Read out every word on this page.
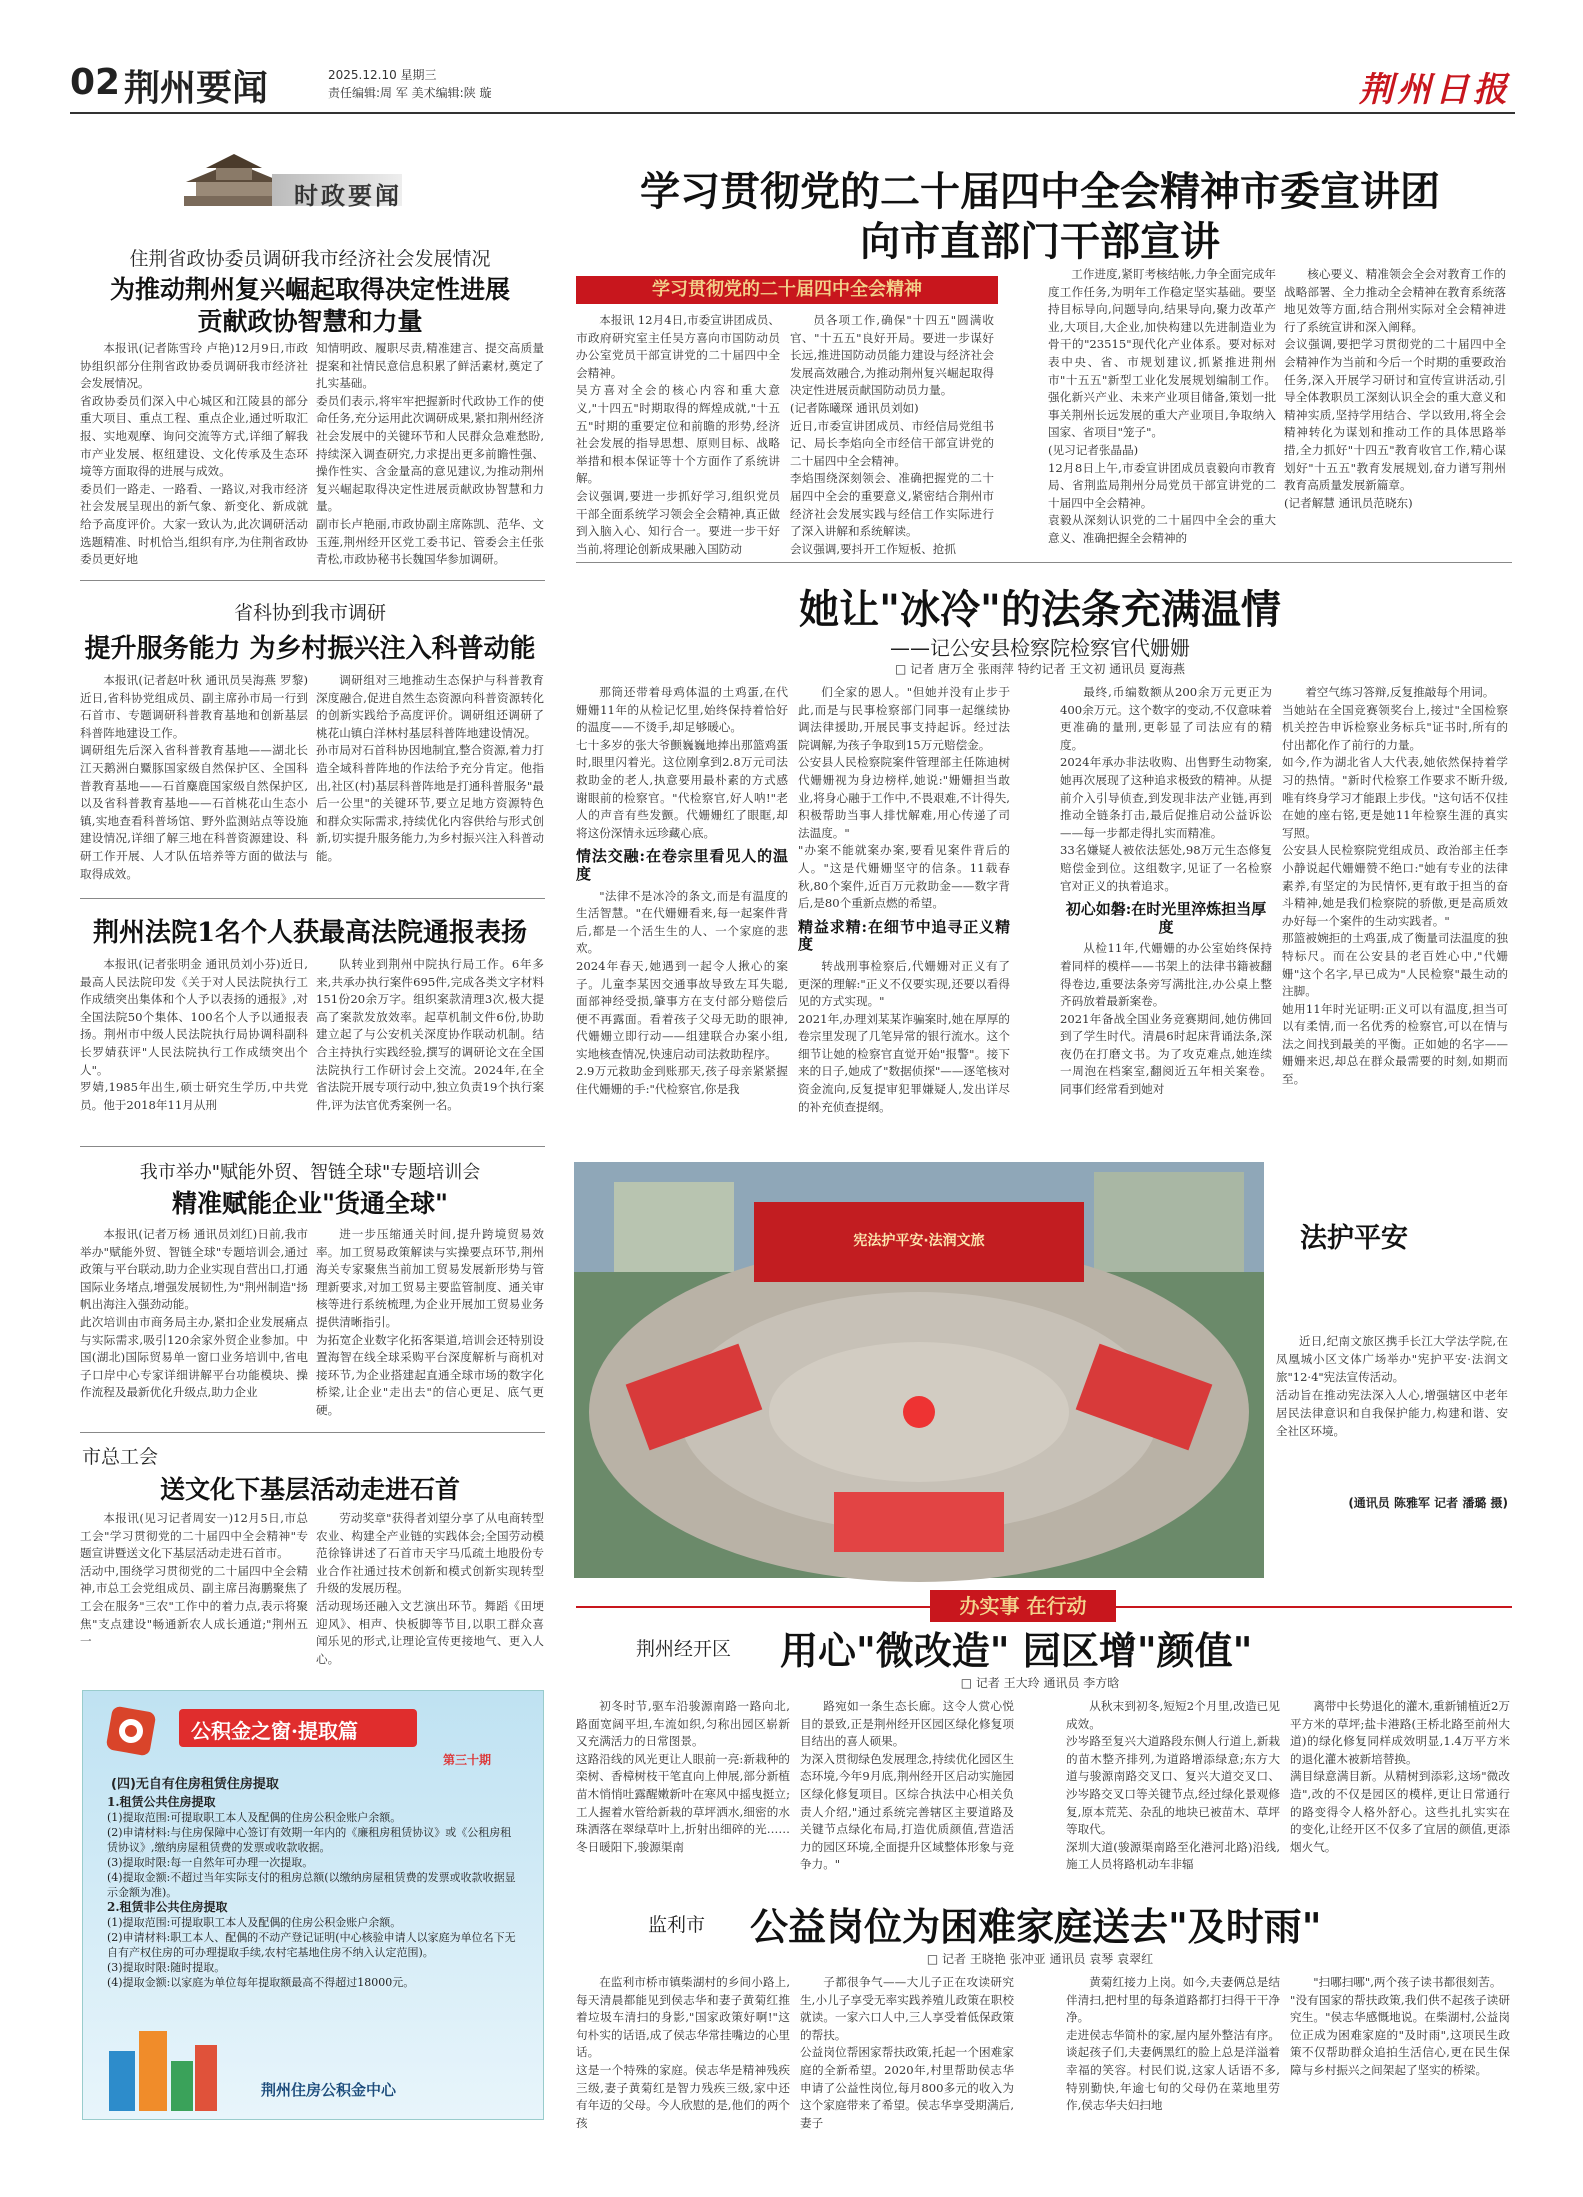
02 荆州要闻	2025.12.10 星期三
责任编辑:周 军 美术编辑:陕 璇	荆州日报
时政要闻
住荆省政协委员调研我市经济社会发展情况
为推动荆州复兴崛起取得决定性进展
贡献政协智慧和力量
本报讯(记者陈雪玲 卢艳)12月9日,市政协组织部分住荆省政协委员调研我市经济社会发展情况。
省政协委员们深入中心城区和江陵县的部分重大项目、重点工程、重点企业,通过听取汇报、实地观摩、询问交流等方式,详细了解我市产业发展、枢纽建设、文化传承及生态环境等方面取得的进展与成效。
委员们一路走、一路看、一路议,对我市经济社会发展呈现出的新气象、新变化、新成就给予高度评价。大家一致认为,此次调研活动选题精准、时机恰当,组织有序,为住荆省政协委员更好地
知情明政、履职尽责,精准建言、提交高质量提案和社情民意信息积累了鲜活素材,奠定了扎实基础。
委员们表示,将牢牢把握新时代政协工作的使命任务,充分运用此次调研成果,紧扣荆州经济社会发展中的关键环节和人民群众急难愁盼,持续深入调查研究,力求提出更多前瞻性强、操作性实、含金量高的意见建议,为推动荆州复兴崛起取得决定性进展贡献政协智慧和力量。
副市长卢艳丽,市政协副主席陈凯、范华、文玉莲,荆州经开区党工委书记、管委会主任张青松,市政协秘书长魏国华参加调研。
省科协到我市调研
提升服务能力 为乡村振兴注入科普动能
本报讯(记者赵叶秋 通讯员吴海燕 罗黎)近日,省科协党组成员、副主席孙市局一行到石首市、专题调研科普教育基地和创新基层科普阵地建设工作。
调研组先后深入省科普教育基地——湖北长江天鹅洲白鱀豚国家级自然保护区、全国科普教育基地——石首麋鹿国家级自然保护区,以及省科普教育基地——石首桃花山生态小镇,实地查看科普场馆、野外监测站点等设施建设情况,详细了解三地在科普资源建设、科研工作开展、人才队伍培养等方面的做法与取得成效。
调研组对三地推动生态保护与科普教育深度融合,促进自然生态资源向科普资源转化的创新实践给予高度评价。调研组还调研了桃花山镇白洋林村基层科普阵地建设情况。
孙市局对石首科协因地制宜,整合资源,着力打造全域科普阵地的作法给予充分肯定。他指出,社区(村)基层科普阵地是打通科普服务"最后一公里"的关键环节,要立足地方资源特色和群众实际需求,持续优化内容供给与形式创新,切实提升服务能力,为乡村振兴注入科普动能。
荆州法院1名个人获最高法院通报表扬
本报讯(记者张明金 通讯员刘小芬)近日,最高人民法院印发《关于对人民法院执行工作成绩突出集体和个人予以表扬的通报》,对全国法院50个集体、100名个人予以通报表扬。荆州市中级人民法院执行局协调科副科长罗婧获评"人民法院执行工作成绩突出个人"。
罗婧,1985年出生,硕士研究生学历,中共党员。他于2018年11月从刑
队转业到荆州中院执行局工作。6年多来,共承办执行案件695件,完成各类文字材料151份20余万字。组织案款清理3次,极大提高了案款发放效率。起草机制文件6份,协助建立起了与公安机关深度协作联动机制。结合主持执行实践经验,撰写的调研论文在全国法院执行工作研讨会上交流。2024年,在全省法院开展专项行动中,独立负责19个执行案件,评为法官优秀案例一名。
我市举办"赋能外贸、智链全球"专题培训会
精准赋能企业"货通全球"
本报讯(记者万杨 通讯员刘红)日前,我市举办"赋能外贸、智链全球"专题培训会,通过政策与平台联动,助力企业实现自营出口,打通国际业务堵点,增强发展韧性,为"荆州制造"扬帆出海注入强劲动能。
此次培训由市商务局主办,紧扣企业发展痛点与实际需求,吸引120余家外贸企业参加。中国(湖北)国际贸易单一窗口业务培训中,省电子口岸中心专家详细讲解平台功能模块、操作流程及最新优化升级点,助力企业
进一步压缩通关时间,提升跨境贸易效率。加工贸易政策解读与实操要点环节,荆州海关专家聚焦当前加工贸易发展新形势与管理新要求,对加工贸易主要监管制度、通关审核等进行系统梳理,为企业开展加工贸易业务提供清晰指引。
为拓宽企业数字化拓客渠道,培训会还特别设置海智在线全球采购平台深度解析与商机对接环节,为企业搭建起直通全球市场的数字化桥梁,让企业"走出去"的信心更足、底气更硬。
市总工会
送文化下基层活动走进石首
本报讯(见习记者周安一)12月5日,市总工会"学习贯彻党的二十届四中全会精神"专题宣讲暨送文化下基层活动走进石首市。
活动中,围绕学习贯彻党的二十届四中全会精神,市总工会党组成员、副主席吕海鹏聚焦了工会在服务"三农"工作中的着力点,表示将聚焦"支点建设"畅通新农人成长通道;"荆州五一
劳动奖章"获得者刘望分享了从电商转型农业、构建全产业链的实践体会;全国劳动模范徐锋讲述了石首市天宇马瓜疏土地股份专业合作社通过技术创新和模式创新实现转型升级的发展历程。
活动现场还融入文艺演出环节。舞蹈《田埂迎风》、相声、快板脚等节目,以职工群众喜闻乐见的形式,让理论宣传更接地气、更入人心。
公积金之窗·提取篇
第三十期
(四)无自有住房租赁住房提取
1.租赁公共住房提取
(1)提取范围:可提取职工本人及配偶的住房公积金账户余额。
(2)申请材料:与住房保障中心签订有效期一年内的《廉租房租赁协议》或《公租房租赁协议》,缴纳房屋租赁费的发票或收款收据。
(3)提取时限:每一自然年可办理一次提取。
(4)提取金额:不超过当年实际支付的租房总额(以缴纳房屋租赁费的发票或收款收据显示金额为准)。
2.租赁非公共住房提取
(1)提取范围:可提取职工本人及配偶的住房公积金账户余额。
(2)申请材料:职工本人、配偶的不动产登记证明(中心核验申请人以家庭为单位名下无自有产权住房的可办理提取手续,农村宅基地住房不纳入认定范围)。
(3)提取时限:随时提取。
(4)提取金额:以家庭为单位每年提取额最高不得超过18000元。
荆州住房公积金中心
学习贯彻党的二十届四中全会精神市委宣讲团
向市直部门干部宣讲
学习贯彻党的二十届四中全会精神
本报讯 12月4日,市委宣讲团成员、市政府研究室主任吴方喜向市国防动员办公室党员干部宣讲党的二十届四中全会精神。
吴方喜对全会的核心内容和重大意义,"十四五"时期取得的辉煌成就,"十五五"时期的重要定位和前瞻的形势,经济社会发展的指导思想、原则目标、战略举措和根本保证等十个方面作了系统讲解。
会议强调,要进一步抓好学习,组织党员干部全面系统学习领会全会精神,真正做到入脑入心、知行合一。要进一步干好当前,将理论创新成果融入国防动
员各项工作,确保"十四五"圆满收官、"十五五"良好开局。要进一步谋好长远,推进国防动员能力建设与经济社会发展高效融合,为推动荆州复兴崛起取得决定性进展贡献国防动员力量。
(记者陈曦琛 通讯员刘如)
近日,市委宣讲团成员、市经信局党组书记、局长李焰向全市经信干部宣讲党的二十届四中全会精神。
李焰围绕深刻领会、准确把握党的二十届四中全会的重要意义,紧密结合荆州市经济社会发展实践与经信工作实际进行了深入讲解和系统解读。
会议强调,要抖开工作短板、抢抓
工作进度,紧盯考核结帐,力争全面完成年度工作任务,为明年工作稳定坚实基础。要坚持目标导向,问题导向,结果导向,聚力改革产业,大项目,大企业,加快构建以先进制造业为骨干的"23515"现代化产业体系。要对标对表中央、省、市规划建议,抓紧推进荆州市"十五五"新型工业化发展规划编制工作。强化新兴产业、未来产业项目储备,策划一批事关荆州长远发展的重大产业项目,争取纳入国家、省项目"笼子"。
(见习记者张晶晶)
12月8日上午,市委宣讲团成员袁毅向市教育局、省荆监局荆州分局党员干部宣讲党的二十届四中全会精神。
袁毅从深刻认识党的二十届四中全会的重大意义、准确把握全会精神的
核心要义、精准领会全会对教育工作的战略部署、全力推动全会精神在教育系统落地见效等方面,结合荆州实际对全会精神进行了系统宣讲和深入阐释。
会议强调,要把学习贯彻党的二十届四中全会精神作为当前和今后一个时期的重要政治任务,深入开展学习研讨和宣传宣讲活动,引导全体教职员工深刻认识全会的重大意义和精神实质,坚持学用结合、学以致用,将全会精神转化为谋划和推动工作的具体思路举措,全力抓好"十四五"教育收官工作,精心谋划好"十五五"教育发展规划,奋力谱写荆州教育高质量发展新篇章。
(记者解慧 通讯员范晓东)
她让"冰冷"的法条充满温情
——记公安县检察院检察官代姗姗
□ 记者 唐万全 张雨萍 特约记者 王文初 通讯员 夏海燕
那筒还带着母鸡体温的土鸡蛋,在代姗姗11年的从检记忆里,始终保持着恰好的温度——不烫手,却足够暖心。
七十多岁的张大爷颤巍巍地捧出那篮鸡蛋时,眼里闪着光。这位刚拿到2.8万元司法救助金的老人,执意要用最朴素的方式感谢眼前的检察官。"代检察官,好人呐!"老人的声音有些发颤。代姗姗红了眼眶,却将这份深情永远珍藏心底。
情法交融:在卷宗里看见人的温度
"法律不是冰冷的条文,而是有温度的生活智慧。"在代姗姗看来,每一起案件背后,都是一个活生生的人、一个家庭的悲欢。
2024年春天,她遇到一起令人揪心的案子。儿童李某因交通事故导致左耳失聪,面部神经受损,肇事方在支付部分赔偿后便不再露面。看着孩子父母无助的眼神,代姗姗立即行动——组建联合办案小组,实地核查情况,快速启动司法救助程序。
2.9万元救助金到账那天,孩子母亲紧紧握住代姗姗的手:"代检察官,你是我
们全家的恩人。"但她并没有止步于此,而是与民事检察部门同事一起继续协调法律援助,开展民事支持起诉。经过法院调解,为孩子争取到15万元赔偿金。
公安县人民检察院案件管理部主任陈迪树代姗姗视为身边榜样,她说:"姗姗担当敢业,将身心融于工作中,不畏艰难,不计得失,积极帮助当事人排忧解难,用心传递了司法温度。"
"办案不能就案办案,要看见案件背后的人。"这是代姗姗坚守的信条。11载春秋,80个案件,近百万元救助金——数字背后,是80个重新点燃的希望。
精益求精:在细节中追寻正义精度
转战刑事检察后,代姗姗对正义有了更深的理解:"正义不仅要实现,还要以看得见的方式实现。"
2021年,办理刘某某诈骗案时,她在厚厚的卷宗里发现了几笔异常的银行流水。这个细节让她的检察官直觉开始"报警"。接下来的日子,她成了"数据侦探"——逐笔核对资金流向,反复提审犯罪嫌疑人,发出详尽的补充侦查提纲。
最终,币编数额从200余万元更正为400余万元。这个数字的变动,不仅意味着更准确的量刑,更彰显了司法应有的精度。
2024年承办非法收购、出售野生动物案,她再次展现了这种追求极致的精神。从提前介入引导侦查,到发现非法产业链,再到推动全链条打击,最后促推启动公益诉讼——每一步都走得扎实而精准。
33名嫌疑人被依法惩处,98万元生态修复赔偿金到位。这组数字,见证了一名检察官对正义的执着追求。
初心如磐:在时光里淬炼担当厚度
从检11年,代姗姗的办公室始终保持着同样的模样——书架上的法律书籍被翻得卷边,重要法条旁写满批注,办公桌上整齐码放着最新案卷。
2021年备战全国业务竞赛期间,她仿佛回到了学生时代。清晨6时起床背诵法条,深夜仍在打磨文书。为了攻克难点,她连续一周泡在档案室,翻阅近五年相关案卷。同事们经常看到她对
着空气练习答辩,反复推敲每个用词。
当她站在全国竞赛领奖台上,接过"全国检察机关控告申诉检察业务标兵"证书时,所有的付出都化作了前行的力量。
如今,作为湖北省人大代表,她依然保持着学习的热情。"新时代检察工作要求不断升级,唯有终身学习才能跟上步伐。"这句话不仅挂在她的座右铭,更是她11年检察生涯的真实写照。
公安县人民检察院党组成员、政治部主任李小静说起代姗姗赞不绝口:"她有专业的法律素养,有坚定的为民情怀,更有敢于担当的奋斗精神,她是我们检察院的骄傲,更是高质效办好每一个案件的生动实践者。"
那篮被婉拒的土鸡蛋,成了衡量司法温度的独特标尺。而在公安县的老百姓心中,"代姗姗"这个名字,早已成为"人民检察"最生动的注脚。
她用11年时光证明:正义可以有温度,担当可以有柔情,而一名优秀的检察官,可以在情与法之间找到最美的平衡。正如她的名字——姗姗来迟,却总在群众最需要的时刻,如期而至。
宪法护平安·法润文旅	法护平安
近日,纪南文旅区携手长江大学法学院,在凤凰城小区文体广场举办"宪护平安·法润文旅"12·4"宪法宣传活动。
活动旨在推动宪法深入人心,增强辖区中老年居民法律意识和自我保护能力,构建和谐、安全社区环境。
(通讯员 陈雅军 记者 潘璐 摄)
办实事 在行动
荆州经开区 用心"微改造" 园区增"颜值"
□ 记者 王大玲 通讯员 李方晗
初冬时节,驱车沿骏源南路一路向北,路面宽阔平坦,车流如织,匀称出园区崭新又充满活力的日常图景。
这路沿线的风光更让人眼前一亮:新栽种的栾树、香樟树枝干笔直向上伸展,部分新植苗木悄悄吐露醒嫩新叶在寒风中摇曳挺立;工人握着水管给新栽的草坪洒水,细密的水珠洒落在翠绿草叶上,折射出细碎的光……冬日暖阳下,骏源渠南
路宛如一条生态长廊。这令人赏心悦目的景致,正是荆州经开区园区绿化修复项目结出的喜人硕果。
为深入贯彻绿色发展理念,持续优化园区生态环境,今年9月底,荆州经开区启动实施园区绿化修复项目。区综合执法中心相关负责人介绍,"通过系统完善辖区主要道路及关键节点绿化布局,打造优质颜值,营造活力的园区环境,全面提升区域整体形象与竞争力。"
从秋末到初冬,短短2个月里,改造已见成效。
沙岑路至复兴大道路段东侧人行道上,新栽的苗木整齐排列,为道路增添绿意;东方大道与骏源南路交叉口、复兴大道交叉口、沙岑路交叉口等关键节点,经过绿化景观修复,原本荒芜、杂乱的地块已被苗木、草坪等取代。
深圳大道(骏源渠南路至化港河北路)沿线,施工人员将路机动车非辐
离带中长势退化的灌木,重新铺植近2万平方米的草坪;盐卡港路(王桥北路至前州大道)的绿化修复同样成效明显,1.4万平方米的退化灌木被新培替换。
满目绿意满目新。从精树到添彩,这场"微改造",改的不仅是园区的模样,更让日常通行的路变得令人格外舒心。这些扎扎实实在的变化,让经开区不仅多了宜居的颜值,更添烟火气。
监利市 公益岗位为困难家庭送去"及时雨"
□ 记者 王晓艳 张冲亚 通讯员 袁琴 袁翠红
在监利市桥市镇柴湖村的乡间小路上,每天清晨都能见到侯志华和妻子黄菊红推着垃圾车清扫的身影,"国家政策好啊!"这句朴实的话语,成了侯志华常挂嘴边的心里话。
这是一个特殊的家庭。侯志华是精神残疾三级,妻子黄菊红是智力残疾三级,家中还有年迈的父母。今人欣慰的是,他们的两个孩
子都很争气——大儿子正在攻读研究生,小儿子享受无率实践养殖儿政策在职校就读。一家六口人中,三人享受着低保政策的帮扶。
公益岗位帮困家帮扶政策,托起一个困难家庭的全新希望。2020年,村里帮助侯志华申请了公益性岗位,每月800多元的收入为这个家庭带来了希望。侯志华享受期满后,妻子
黄菊红接力上岗。如今,夫妻俩总是结伴清扫,把村里的每条道路都打扫得干干净净。
走进侯志华简朴的家,屋内屋外整洁有序。谈起孩子们,夫妻俩黑红的脸上总是洋溢着幸福的笑容。村民们说,这家人话语不多,特别勤快,年逾七旬的父母仍在菜地里劳作,侯志华夫妇扫地
"扫哪扫哪",两个孩子读书都很刻苦。
"没有国家的帮扶政策,我们供不起孩子读研究生。"侯志华感慨地说。在柴湖村,公益岗位正成为困难家庭的"及时雨",这项民生政策不仅帮助群众追拍生活信心,更在民生保障与乡村振兴之间架起了坚实的桥梁。
